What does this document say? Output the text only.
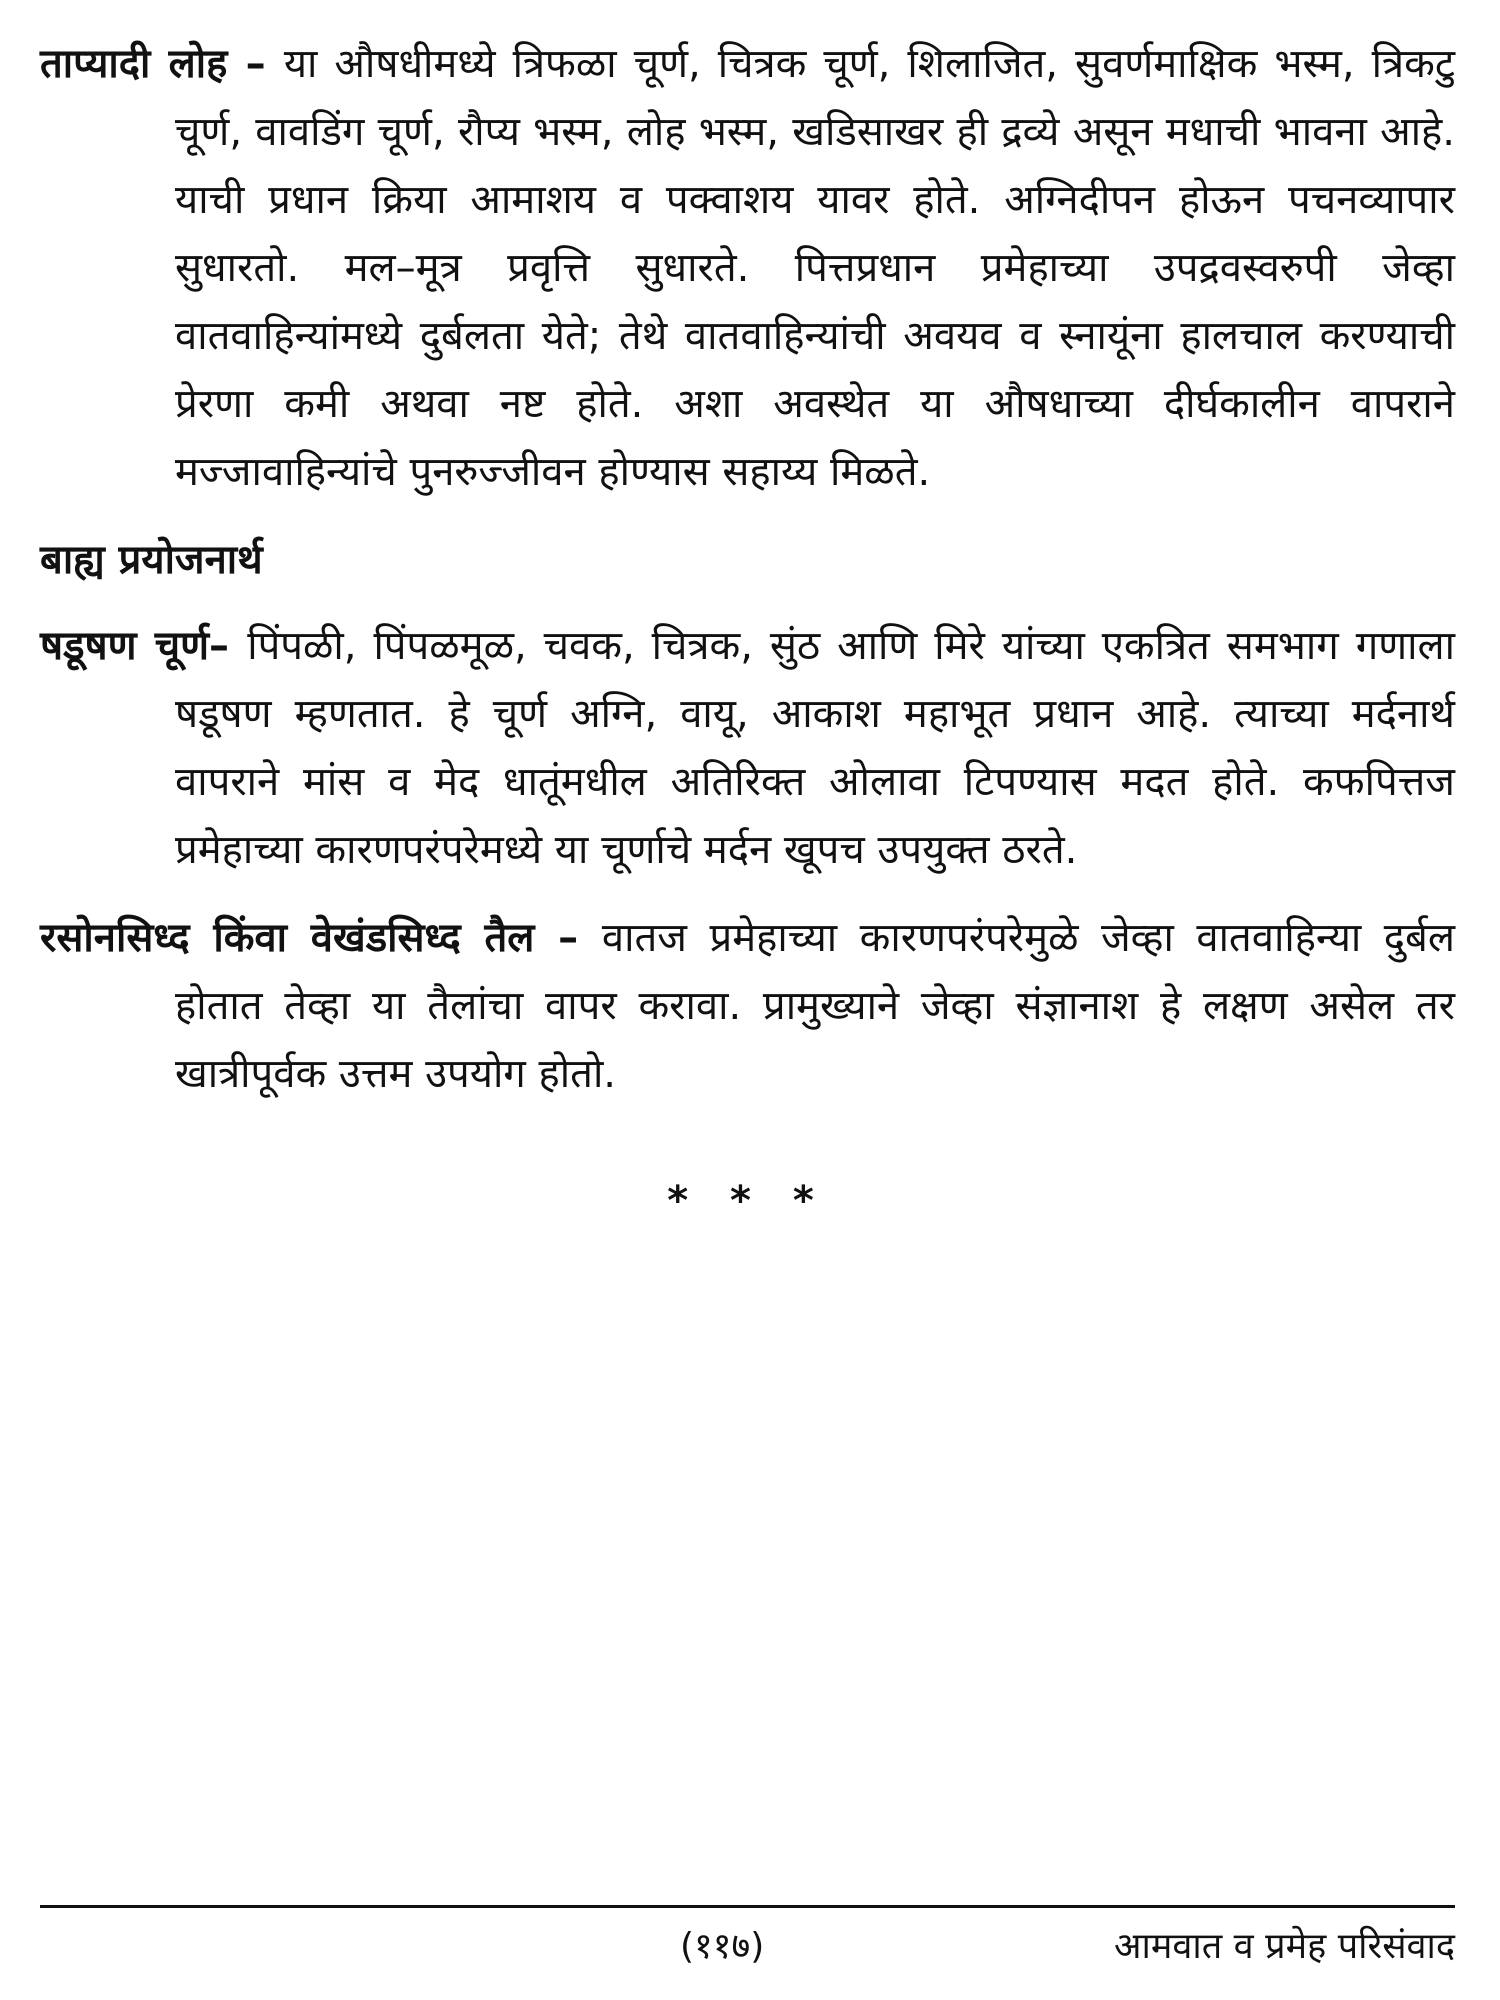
ताप्यादी लोह – या औषधीमध्ये त्रिफळा चूर्ण, चित्रक चूर्ण, शिलाजित, सुवर्णमाक्षिक भस्म, त्रिकटु चूर्ण, वावडिंग चूर्ण, रौप्य भस्म, लोह भस्म, खडिसाखर ही द्रव्ये असून मधाची भावना आहे. याची प्रधान क्रिया आमाशय व पक्वाशय यावर होते. अग्निदीपन होऊन पचनव्यापार सुधारतो. मल–मूत्र प्रवृत्ति सुधारते. पित्तप्रधान प्रमेहाच्या उपद्रवस्वरुपी जेव्हा वातवाहिन्यांमध्ये दुर्बलता येते; तेथे वातवाहिन्यांची अवयव व स्नायूंना हालचाल करण्याची प्रेरणा कमी अथवा नष्ट होते. अशा अवस्थेत या औषधाच्या दीर्घकालीन वापराने मज्जावाहिन्यांचे पुनरुज्जीवन होण्यास सहाय्य मिळते.

बाह्य प्रयोजनार्थ

षडूषण चूर्ण– पिंपळी, पिंपळमूळ, चवक, चित्रक, सुंठ आणि मिरे यांच्या एकत्रित समभाग गणाला षडूषण म्हणतात. हे चूर्ण अग्नि, वायू, आकाश महाभूत प्रधान आहे. त्याच्या मर्दनार्थ वापराने मांस व मेद धातूंमधील अतिरिक्त ओलावा टिपण्यास मदत होते. कफपित्तज प्रमेहाच्या कारणपरंपरेमध्ये या चूर्णाचे मर्दन खूपच उपयुक्त ठरते.

रसोनसिध्द किंवा वेखंडसिध्द तैल – वातज प्रमेहाच्या कारणपरंपरेमुळे जेव्हा वातवाहिन्या दुर्बल होतात तेव्हा या तैलांचा वापर करावा. प्रामुख्याने जेव्हा संज्ञानाश हे लक्षण असेल तर खात्रीपूर्वक उत्तम उपयोग होतो.

* * *
(११७)	आमवात व प्रमेह परिसंवाद
